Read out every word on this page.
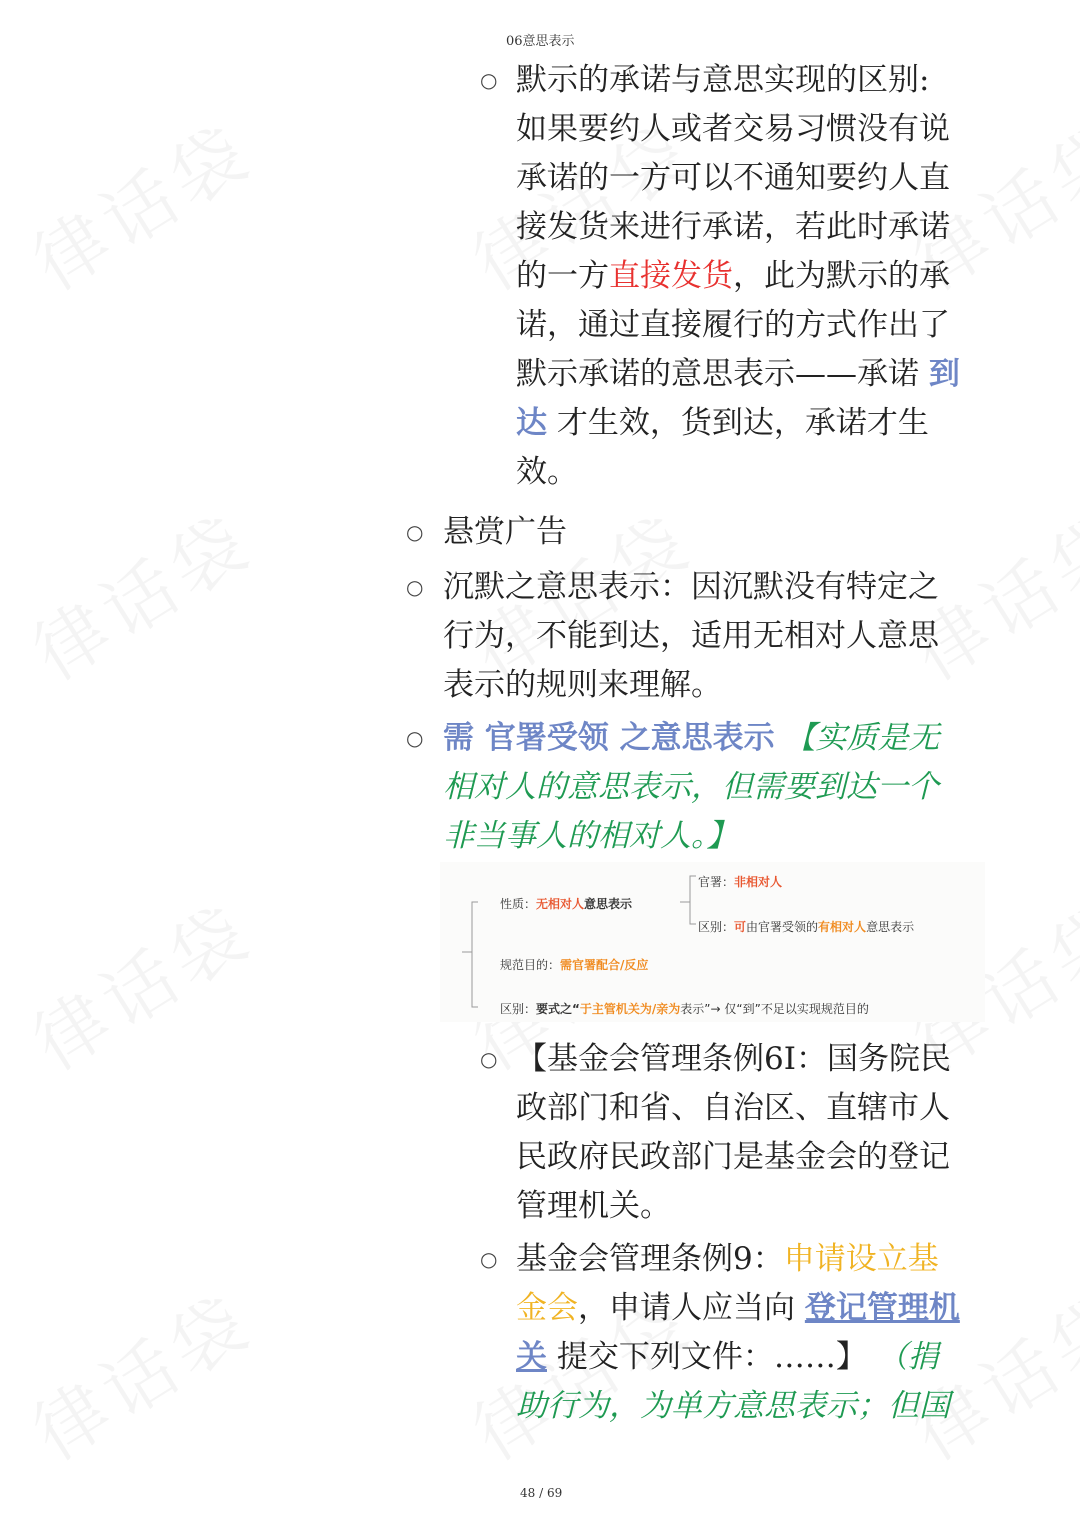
06意思表示
○ 默示的承诺与意思实现的区别:
如果要约人或者交易习惯没有说
承诺的一方可以不通知要约人直
接发货来进行承诺，若此时承诺
的一方直接发货，此为默示的承
诺，通过直接履行的方式作出了
默示承诺的意思表示——承诺 到
达 才生效，货到达，承诺才生
效。
○ 悬赏广告
○ 沉默之意思表示：因沉默没有特定之
行为，不能到达，适用无相对人意思
表示的规则来理解。
○ 需 官署受领 之意思表示 【实质是无
相对人的意思表示，但需要到达一个
非当事人的相对人。】
性质：无相对人意思表示
官署：非相对人
区别：可由官署受领的有相对人意思表示
规范目的：需官署配合/反应
区别：要式之“于主管机关为/亲为表示”→ 仅“到”不足以实现规范目的
○ 【基金会管理条例6I：国务院民
政部门和省、自治区、直辖市人
民政府民政部门是基金会的登记
管理机关。
○ 基金会管理条例9：申请设立基
金会，申请人应当向 登记管理机
关 提交下列文件：……】 （捐
助行为，为单方意思表示；但国
48 / 69
